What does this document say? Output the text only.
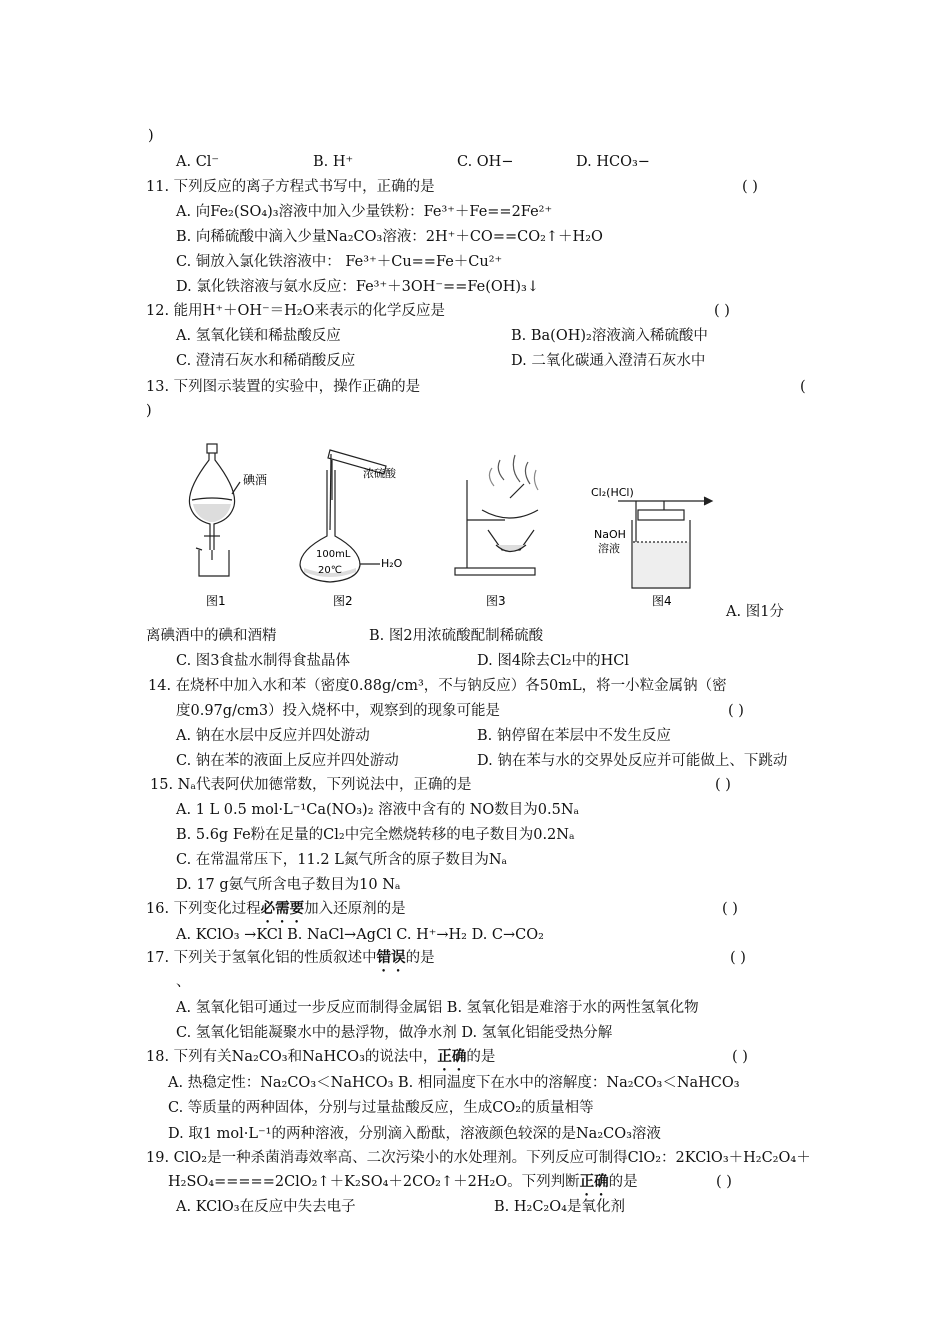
)
A. Cl⁻	B. H⁺	C. OH−	D. HCO₃−
11. 下列反应的离子方程式书写中，正确的是	( )
A. 向Fe₂(SO₄)₃溶液中加入少量铁粉：Fe³⁺＋Fe==2Fe²⁺
B. 向稀硫酸中滴入少量Na₂CO₃溶液：2H⁺＋CO==CO₂↑＋H₂O
C. 铜放入氯化铁溶液中： Fe³⁺＋Cu==Fe＋Cu²⁺
D. 氯化铁溶液与氨水反应：Fe³⁺＋3OH⁻==Fe(OH)₃↓
12. 能用H⁺＋OH⁻＝H₂O来表示的化学反应是	( )
A. 氢氧化镁和稀盐酸反应	B. Ba(OH)₂溶液滴入稀硫酸中
C. 澄清石灰水和稀硝酸反应	D. 二氧化碳通入澄清石灰水中
13. 下列图示装置的实验中，操作正确的是	(
)
碘酒
图1
浓硫酸
100mL
20℃
H₂O
图2	图3
Cl₂(HCl)
NaOH
溶液
图4
A. 图1分
离碘酒中的碘和酒精	B. 图2用浓硫酸配制稀硫酸
C. 图3食盐水制得食盐晶体	D. 图4除去Cl₂中的HCl
14. 在烧杯中加入水和苯（密度0.88g/cm³，不与钠反应）各50mL，将一小粒金属钠（密
度0.97g/cm3）投入烧杯中，观察到的现象可能是	( )
A. 钠在水层中反应并四处游动	B. 钠停留在苯层中不发生反应
C. 钠在苯的液面上反应并四处游动	D. 钠在苯与水的交界处反应并可能做上、下跳动
15. Nₐ代表阿伏加德常数，下列说法中，正确的是	( )
A. 1 L 0.5 mol·L⁻¹Ca(NO₃)₂ 溶液中含有的 NO数目为0.5Nₐ
B. 5.6g Fe粉在足量的Cl₂中完全燃烧转移的电子数目为0.2Nₐ
C. 在常温常压下，11.2 L氮气所含的原子数目为Nₐ
D. 17 g氨气所含电子数目为10 Nₐ
16. 下列变化过程必需要加入还原剂的是	( )
A. KClO₃ →KCl B. NaCl→AgCl C. H⁺→H₂ D. C→CO₂
17. 下列关于氢氧化铝的性质叙述中错误的是	( )
、
A. 氢氧化铝可通过一步反应而制得金属铝 B. 氢氧化铝是难溶于水的两性氢氧化物
C. 氢氧化铝能凝聚水中的悬浮物，做净水剂 D. 氢氧化铝能受热分解
18. 下列有关Na₂CO₃和NaHCO₃的说法中，正确的是	( )
A. 热稳定性：Na₂CO₃＜NaHCO₃ B. 相同温度下在水中的溶解度：Na₂CO₃＜NaHCO₃
C. 等质量的两种固体，分别与过量盐酸反应，生成CO₂的质量相等
D. 取1 mol·L⁻¹的两种溶液，分别滴入酚酞，溶液颜色较深的是Na₂CO₃溶液
19. ClO₂是一种杀菌消毒效率高、二次污染小的水处理剂。下列反应可制得ClO₂：2KClO₃＋H₂C₂O₄＋
H₂SO₄=====2ClO₂↑＋K₂SO₄＋2CO₂↑＋2H₂O。下列判断正确的是	( )
A. KClO₃在反应中失去电子	B. H₂C₂O₄是氧化剂
